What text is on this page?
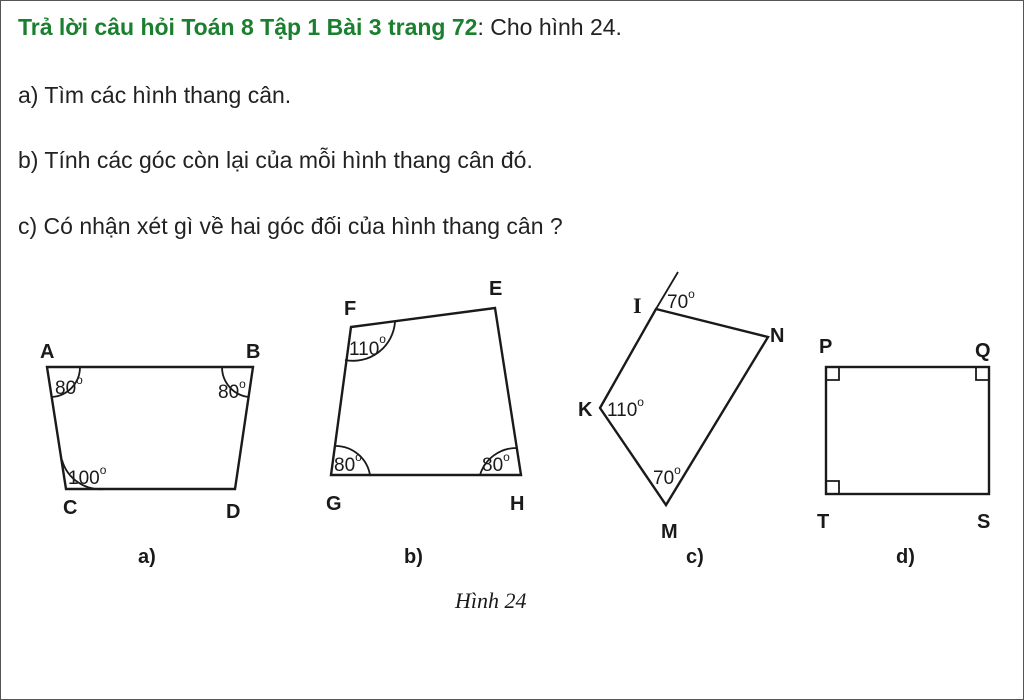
Trả lời câu hỏi Toán 8 Tập 1 Bài 3 trang 72: Cho hình 24.
a) Tìm các hình thang cân.
b) Tính các góc còn lại của mỗi hình thang cân đó.
c) Có nhận xét gì về hai góc đối của hình thang cân ?
A	B
C	D
80$^o$
80$^o$
100$^o$
a)
E
F
G	H
110$^o$
80$^o$	80$^o$
b)
I
N
K
M
70$^o$
110$^o$
70$^o$
c)
P	Q
T	S
d)
Hình 24
